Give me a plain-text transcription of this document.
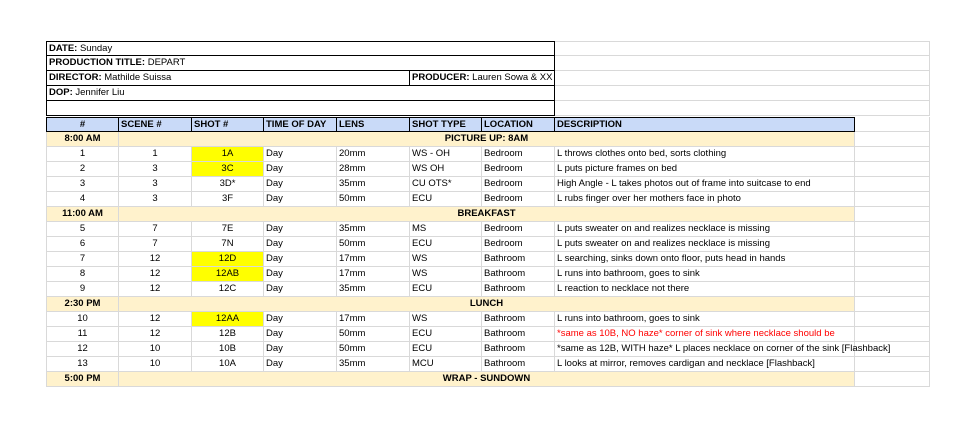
DATE: Sunday
PRODUCTION TITLE: DEPART
DIRECTOR: Mathilde Suissa	PRODUCER: Lauren Sowa & XX
DOP: Jennifer Liu
#	SCENE #	SHOT #	TIME OF DAY	LENS	SHOT TYPE	LOCATION	DESCRIPTION
8:00 AM	PICTURE UP: 8AM
1	1	1A	Day	20mm	WS - OH	Bedroom	L throws clothes onto bed, sorts clothing
2	3	3C	Day	28mm	WS OH	Bedroom	L puts picture frames on bed
3	3	3D*	Day	35mm	CU OTS*	Bedroom	High Angle - L takes photos out of frame into suitcase to end
4	3	3F	Day	50mm	ECU	Bedroom	L rubs finger over her mothers face in photo
11:00 AM	BREAKFAST
5	7	7E	Day	35mm	MS	Bedroom	L puts sweater on and realizes necklace is missing
6	7	7N	Day	50mm	ECU	Bedroom	L puts sweater on and realizes necklace is missing
7	12	12D	Day	17mm	WS	Bathroom	L searching, sinks down onto floor, puts head in hands
8	12	12AB	Day	17mm	WS	Bathroom	L runs into bathroom, goes to sink
9	12	12C	Day	35mm	ECU	Bathroom	L reaction to necklace not there
2:30 PM	LUNCH
10	12	12AA	Day	17mm	WS	Bathroom	L runs into bathroom, goes to sink
11	12	12B	Day	50mm	ECU	Bathroom	*same as 10B, NO haze* corner of sink where necklace should be
12	10	10B	Day	50mm	ECU	Bathroom	*same as 12B, WITH haze* L places necklace on corner of the sink [Flashback]
13	10	10A	Day	35mm	MCU	Bathroom	L looks at mirror, removes cardigan and necklace [Flashback]
5:00 PM	WRAP - SUNDOWN
